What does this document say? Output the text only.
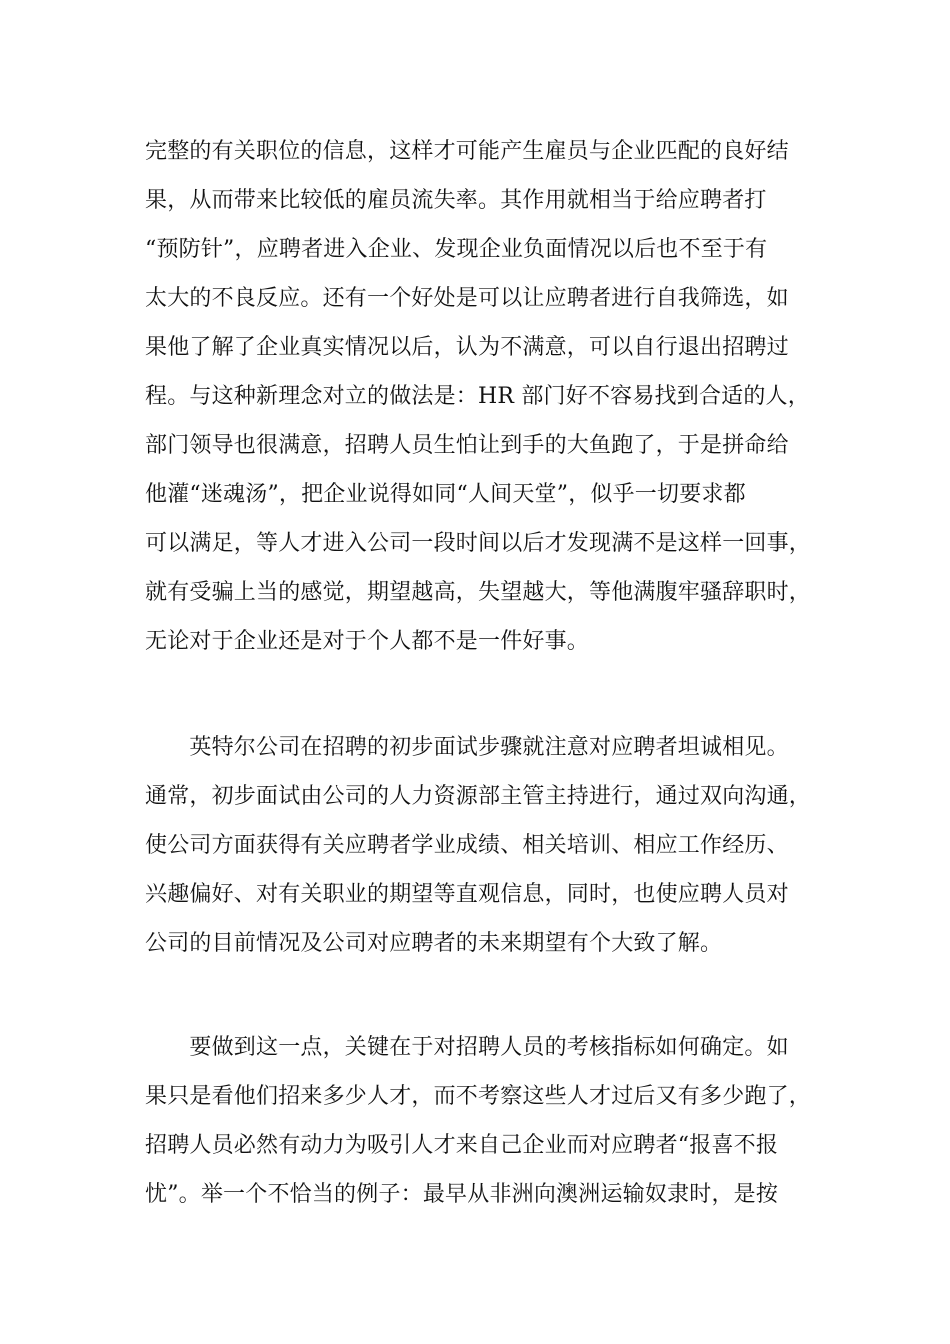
完整的有关职位的信息，这样才可能产生雇员与企业匹配的良好结
果，从而带来比较低的雇员流失率。其作用就相当于给应聘者打
“预防针”，应聘者进入企业、发现企业负面情况以后也不至于有
太大的不良反应。还有一个好处是可以让应聘者进行自我筛选，如
果他了解了企业真实情况以后，认为不满意，可以自行退出招聘过
程。与这种新理念对立的做法是：HR 部门好不容易找到合适的人，
部门领导也很满意，招聘人员生怕让到手的大鱼跑了，于是拼命给
他灌“迷魂汤”，把企业说得如同“人间天堂”，似乎一切要求都
可以满足，等人才进入公司一段时间以后才发现满不是这样一回事，
就有受骗上当的感觉，期望越高，失望越大，等他满腹牢骚辞职时，
无论对于企业还是对于个人都不是一件好事。
　　英特尔公司在招聘的初步面试步骤就注意对应聘者坦诚相见。
通常，初步面试由公司的人力资源部主管主持进行，通过双向沟通，
使公司方面获得有关应聘者学业成绩、相关培训、相应工作经历、
兴趣偏好、对有关职业的期望等直观信息，同时，也使应聘人员对
公司的目前情况及公司对应聘者的未来期望有个大致了解。
　　要做到这一点，关键在于对招聘人员的考核指标如何确定。如
果只是看他们招来多少人才，而不考察这些人才过后又有多少跑了，
招聘人员必然有动力为吸引人才来自己企业而对应聘者“报喜不报
忧”。举一个不恰当的例子：最早从非洲向澳洲运输奴隶时，是按
